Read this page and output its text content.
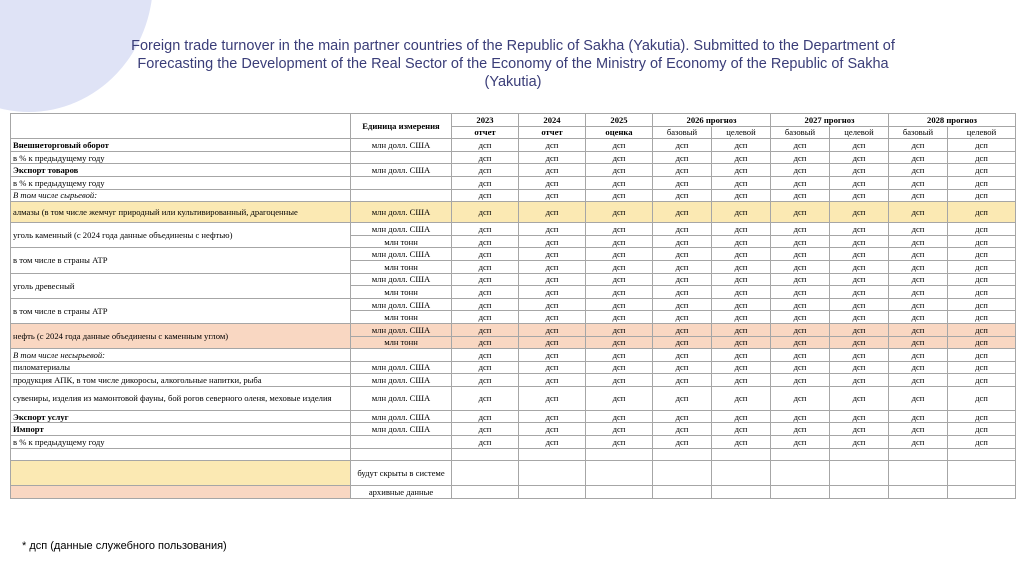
Foreign trade turnover in the main partner countries of the Republic of Sakha (Yakutia). Submitted to the Department of Forecasting the Development of the Real Sector of the Economy of the Ministry of Economy of the Republic of Sakha (Yakutia)
	Единица измерения	2023	2024	2025	2026 прогноз		2027 прогноз		2028 прогноз	
		отчет	отчет	оценка	базовый	целевой	базовый	целевой	базовый	целевой
Внешнеторговый оборот	млн долл. США	дсп	дсп	дсп	дсп	дсп	дсп	дсп	дсп	дсп
в % к предыдущему году		дсп	дсп	дсп	дсп	дсп	дсп	дсп	дсп	дсп
Экспорт товаров	млн долл. США	дсп	дсп	дсп	дсп	дсп	дсп	дсп	дсп	дсп
в % к предыдущему году		дсп	дсп	дсп	дсп	дсп	дсп	дсп	дсп	дсп
В том числе сырьевой:		дсп	дсп	дсп	дсп	дсп	дсп	дсп	дсп	дсп
алмазы (в том числе жемчуг природный или культивированный, драгоценные	млн долл. США	дсп	дсп	дсп	дсп	дсп	дсп	дсп	дсп	дсп
уголь каменный (с 2024 года данные объединены с нефтью)	млн долл. США	дсп	дсп	дсп	дсп	дсп	дсп	дсп	дсп	дсп
	млн тонн	дсп	дсп	дсп	дсп	дсп	дсп	дсп	дсп	дсп
в том числе в страны АТР	млн долл. США	дсп	дсп	дсп	дсп	дсп	дсп	дсп	дсп	дсп
	млн тонн	дсп	дсп	дсп	дсп	дсп	дсп	дсп	дсп	дсп
уголь древесный	млн долл. США	дсп	дсп	дсп	дсп	дсп	дсп	дсп	дсп	дсп
	млн тонн	дсп	дсп	дсп	дсп	дсп	дсп	дсп	дсп	дсп
в том числе в страны АТР	млн долл. США	дсп	дсп	дсп	дсп	дсп	дсп	дсп	дсп	дсп
	млн тонн	дсп	дсп	дсп	дсп	дсп	дсп	дсп	дсп	дсп
нефть (с 2024 года данные объединены с каменным углом)	млн долл. США	дсп	дсп	дсп	дсп	дсп	дсп	дсп	дсп	дсп
	млн тонн	дсп	дсп	дсп	дсп	дсп	дсп	дсп	дсп	дсп
В том числе несырьевой:		дсп	дсп	дсп	дсп	дсп	дсп	дсп	дсп	дсп
пиломатериалы	млн долл. США	дсп	дсп	дсп	дсп	дсп	дсп	дсп	дсп	дсп
продукция АПК, в том числе дикоросы, алкогольные напитки, рыба	млн долл. США	дсп	дсп	дсп	дсп	дсп	дсп	дсп	дсп	дсп
сувениры, изделия из мамонтовой фауны, бой рогов северного оленя, меховые изделия	млн долл. США	дсп	дсп	дсп	дсп	дсп	дсп	дсп	дсп	дсп
Экспорт услуг	млн долл. США	дсп	дсп	дсп	дсп	дсп	дсп	дсп	дсп	дсп
Импорт	млн долл. США	дсп	дсп	дсп	дсп	дсп	дсп	дсп	дсп	дсп
в % к предыдущему году		дсп	дсп	дсп	дсп	дсп	дсп	дсп	дсп	дсп

	будут скрыты в системе									
	архивные данные									
* дсп (данные служебного пользования)
